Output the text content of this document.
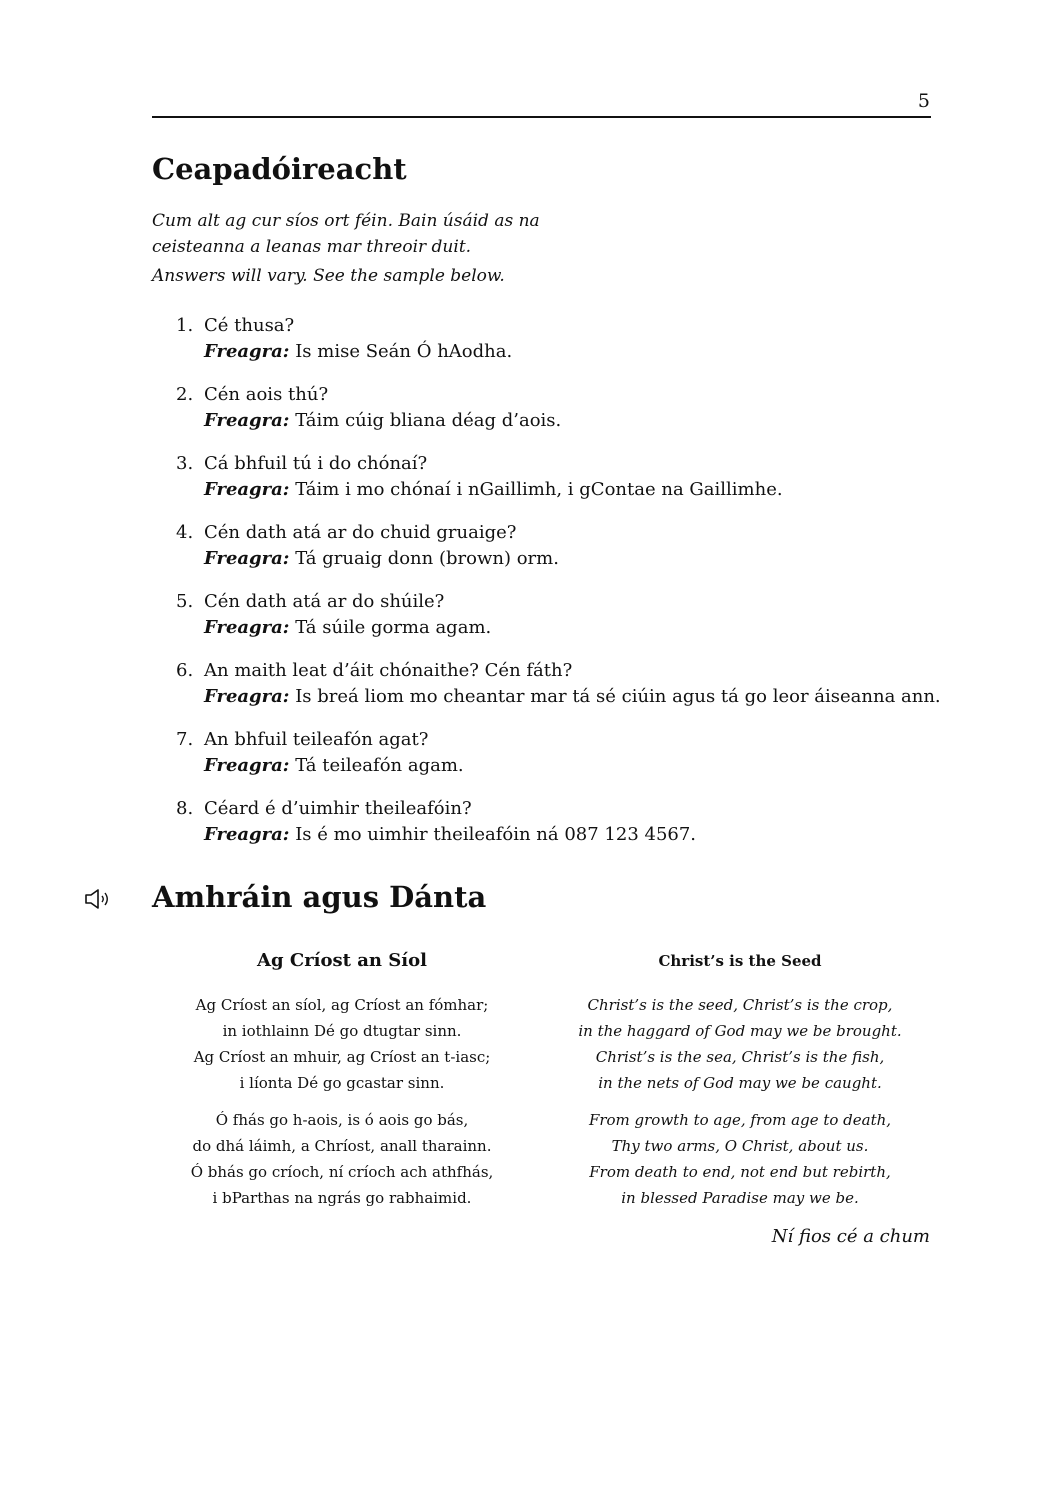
5
Ceapadóireacht
Cum alt ag cur síos ort féin. Bain úsáid as na ceisteanna a leanas mar threoir duit.
Answers will vary. See the sample below.
1. Cé thusa?
Freagra: Is mise Seán Ó hAodha.
2. Cén aois thú?
Freagra: Táim cúig bliana déag d’aois.
3. Cá bhfuil tú i do chónaí?
Freagra: Táim i mo chónaí i nGaillimh, i gContae na Gaillimhe.
4. Cén dath atá ar do chuid gruaige?
Freagra: Tá gruaig donn (brown) orm.
5. Cén dath atá ar do shúile?
Freagra: Tá súile gorma agam.
6. An maith leat d’áit chónaithe? Cén fáth?
Freagra: Is breá liom mo cheantar mar tá sé ciúin agus tá go leor áiseanna ann.
7. An bhfuil teileafón agat?
Freagra: Tá teileafón agam.
8. Céard é d’uimhir theileafóin?
Freagra: Is é mo uimhir theileafóin ná 087 123 4567.
Amhráin agus Dánta
Ag Críost an Síol
Ag Críost an síol, ag Críost an fómhar;
in iothlainn Dé go dtugtar sinn.
Ag Críost an mhuir, ag Críost an t-iasc;
i líonta Dé go gcastar sinn.
Ó fhás go h-aois, is ó aois go bás,
do dhá láimh, a Chríost, anall tharainn.
Ó bhás go críoch, ní críoch ach athfhás,
i bParthas na ngrás go rabhaimid.
Christ’s is the Seed
Christ’s is the seed, Christ’s is the crop,
in the haggard of God may we be brought.
Christ’s is the sea, Christ’s is the fish,
in the nets of God may we be caught.
From growth to age, from age to death,
Thy two arms, O Christ, about us.
From death to end, not end but rebirth,
in blessed Paradise may we be.
Ní fios cé a chum
